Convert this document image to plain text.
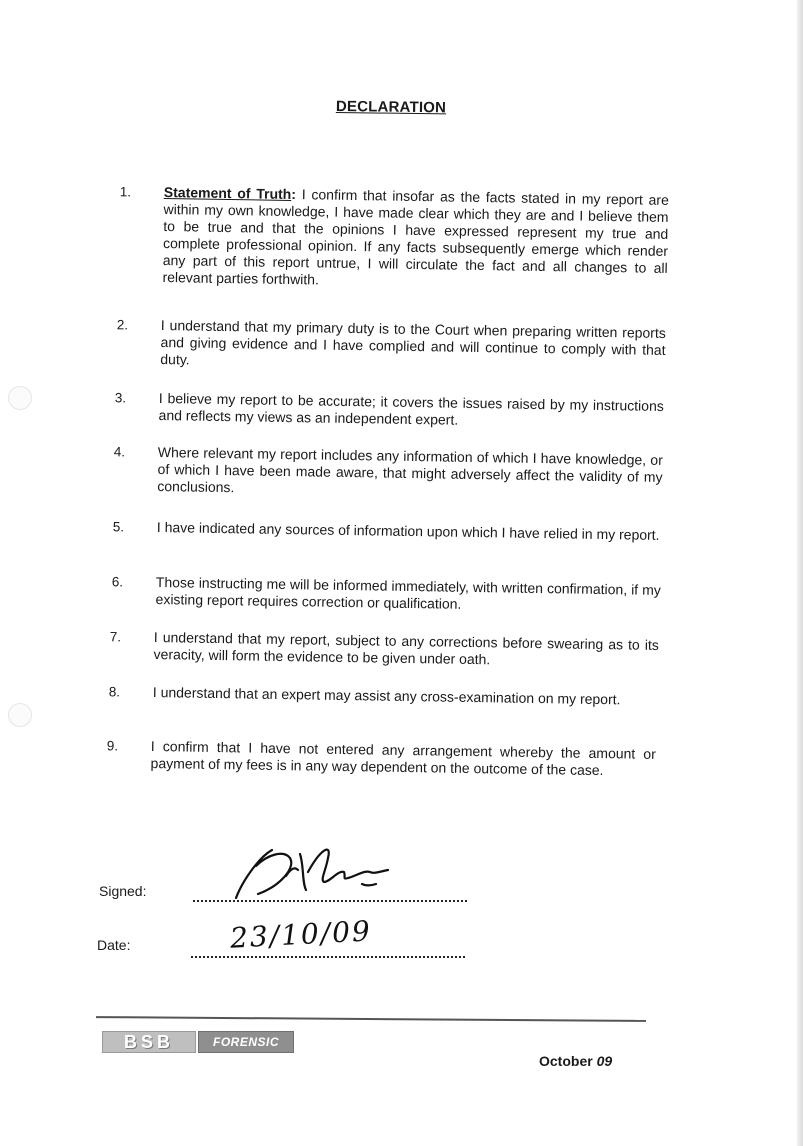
DECLARATION
1. Statement of Truth: I confirm that insofar as the facts stated in my report are within my own knowledge, I have made clear which they are and I believe them to be true and that the opinions I have expressed represent my true and complete professional opinion. If any facts subsequently emerge which render any part of this report untrue, I will circulate the fact and all changes to all relevant parties forthwith.
2. I understand that my primary duty is to the Court when preparing written reports and giving evidence and I have complied and will continue to comply with that duty.
3. I believe my report to be accurate; it covers the issues raised by my instructions and reflects my views as an independent expert.
4. Where relevant my report includes any information of which I have knowledge, or of which I have been made aware, that might adversely affect the validity of my conclusions.
5. I have indicated any sources of information upon which I have relied in my report.
6. Those instructing me will be informed immediately, with written confirmation, if my existing report requires correction or qualification.
7. I understand that my report, subject to any corrections before swearing as to its veracity, will form the evidence to be given under oath.
8. I understand that an expert may assist any cross-examination on my report.
9. I confirm that I have not entered any arrangement whereby the amount or payment of my fees is in any way dependent on the outcome of the case.
Signed:
Date:	23/10/09
BSB	FORENSIC
October 09
